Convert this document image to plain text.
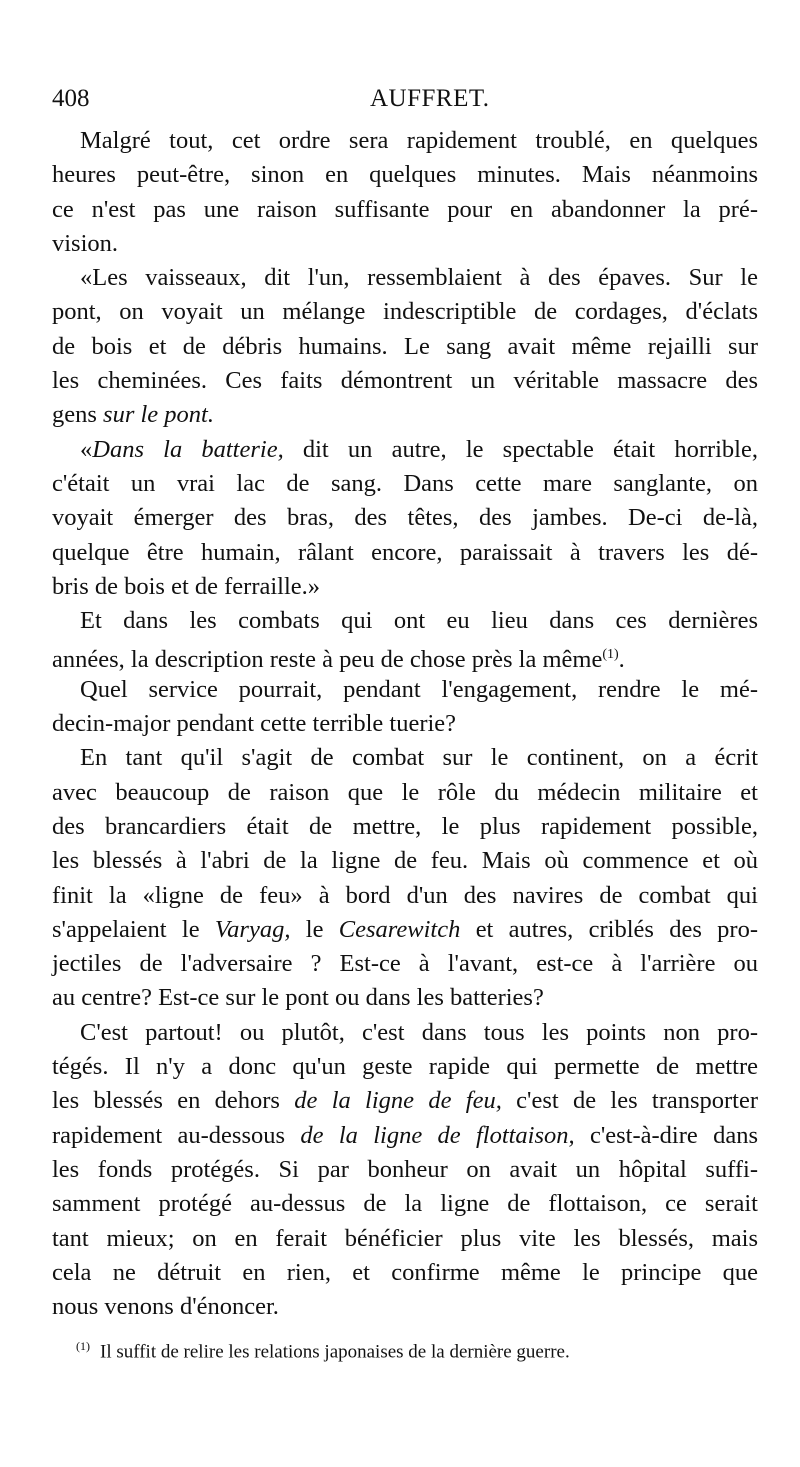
408	AUFFRET.
Malgré tout, cet ordre sera rapidement troublé, en quelques
heures peut-être, sinon en quelques minutes. Mais néanmoins
ce n'est pas une raison suffisante pour en abandonner la pré-
vision.
«Les vaisseaux, dit l'un, ressemblaient à des épaves. Sur le
pont, on voyait un mélange indescriptible de cordages, d'éclats
de bois et de débris humains. Le sang avait même rejailli sur
les cheminées. Ces faits démontrent un véritable massacre des
gens sur le pont.
«Dans la batterie, dit un autre, le spectable était horrible,
c'était un vrai lac de sang. Dans cette mare sanglante, on
voyait émerger des bras, des têtes, des jambes. De-ci de-là,
quelque être humain, râlant encore, paraissait à travers les dé-
bris de bois et de ferraille.»
Et dans les combats qui ont eu lieu dans ces dernières
années, la description reste à peu de chose près la même$^{(1)}$.
Quel service pourrait, pendant l'engagement, rendre le mé-
decin-major pendant cette terrible tuerie?
En tant qu'il s'agit de combat sur le continent, on a écrit
avec beaucoup de raison que le rôle du médecin militaire et
des brancardiers était de mettre, le plus rapidement possible,
les blessés à l'abri de la ligne de feu. Mais où commence et où
finit la «ligne de feu» à bord d'un des navires de combat qui
s'appelaient le Varyag, le Cesarewitch et autres, criblés des pro-
jectiles de l'adversaire ? Est-ce à l'avant, est-ce à l'arrière ou
au centre? Est-ce sur le pont ou dans les batteries?
C'est partout! ou plutôt, c'est dans tous les points non pro-
tégés. Il n'y a donc qu'un geste rapide qui permette de mettre
les blessés en dehors de la ligne de feu, c'est de les transporter
rapidement au-dessous de la ligne de flottaison, c'est-à-dire dans
les fonds protégés. Si par bonheur on avait un hôpital suffi-
samment protégé au-dessus de la ligne de flottaison, ce serait
tant mieux; on en ferait bénéficier plus vite les blessés, mais
cela ne détruit en rien, et confirme même le principe que
nous venons d'énoncer.
$^{(1)}$ Il suffit de relire les relations japonaises de la dernière guerre.
